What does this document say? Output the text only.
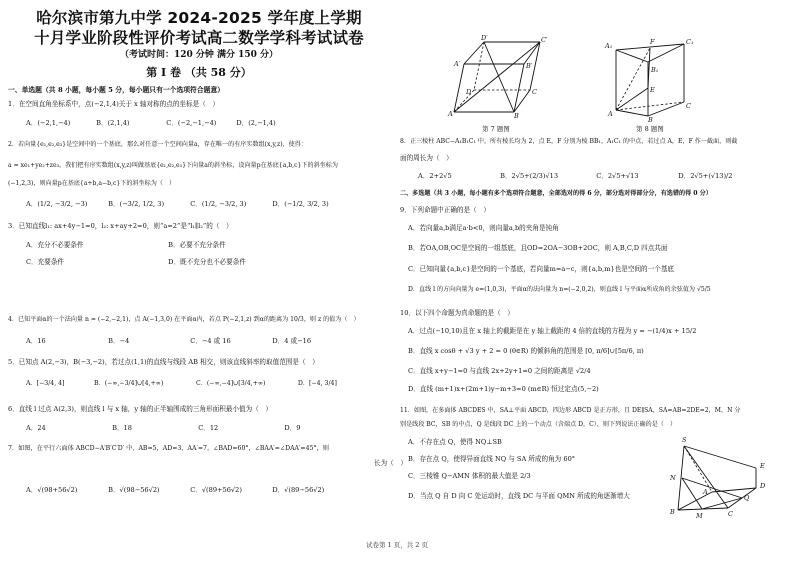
哈尔滨市第九中学 2024-2025 学年度上学期
十月学业阶段性评价考试高二数学学科考试试卷
（考试时间：120 分钟 满分 150 分）
第 I 卷 （共 58 分）
一、单选题（共 8 小题，每小题 5 分，每小题只有一个选项符合题意）
1．在空间直角坐标系中，点(−2,1,4)关于 x 轴对称的点的坐标是（　）
A．(−2,1,−4)	B．(2,1,4)	C．(−2,−1,−4)	D．(2,−1,4)
2．若向量{e₁,e₂,e₃}是空间中的一个基底，那么对任意一个空间向量a，存在唯一的有序实数组(x,y,z)，使得：
a = xe₁+ye₂+ze₃，我们把有序实数组(x,y,z)叫做基底{e₁,e₂,e₃}下向量a的斜坐标，设向量p在基底{a,b,c}下的斜坐标为
(−1,2,3)，则向量p在基底{a+b,a−b,c}下的斜坐标为（　）
A．(1/2, −3/2, −3)	B．(−3/2, 1/2, 3)	C．(1/2, −3/2, 3)	D．(−1/2, 3/2, 3)
3．已知直线l₁: ax+4y−1=0，l₂: x+ay+2=0，则“a=2”是“l₁∥l₂”的（　）
A．充分不必要条件	B．必要不充分条件
C．充要条件	D．既不充分也不必要条件
4．已知平面α的一个法向量 n = (−2,−2,1)，点 A(−1,3,0) 在平面α内，若点 P(−2,1,z) 到α的距离为 10/3，则 z 的值为（　）
A．16	B．−4	C．−4 或 16	D．4 或−16
5．已知点 A(2,−3)，B(−3,−2)，若过点(1,1)的直线与线段 AB 相交，则该直线斜率的取值范围是（　）
A．[−3/4, 4]	B．(−∞,−3/4]∪[4,+∞)	C．(−∞,−4]∪[3/4,+∞)	D．[−4, 3/4]
6．直线 l 过点 A(2,3)，则直线 l 与 x 轴，y 轴的正半轴围成的三角形面积最小值为（　）
A．24	B．18	C．12	D．9
7．如图，在平行六面体 ABCD−A′B′C′D′ 中，AB=5，AD=3，AA′=7，∠BAD=60°，∠BAA′=∠DAA′=45°，则
长为（　）
A．√(98+56√2)	B．√(98−56√2)	C．√(89+56√2)	D．√(89−56√2)
D′	C′
A′	B′
D	C
A	B
第 7 题图
A₁	F	C₁
B₁
E
A
C
B
第 8 题图
8．正三棱柱 ABC−A₁B₁C₁ 中，所有棱长均为 2，点 E，F 分别为棱 BB₁，A₁C₁ 的中点，若过点 A，E，F 作一截面，则截
面的周长为（　）
A．2+2√5	B．2√5+(2/3)√13	C．2√5+√13	D．2√5+(√13)/2
二、多选题（共 3 小题，每小题有多个选项符合题意，全部选对的得 6 分，部分选对得部分分，有选错的得 0 分）
9．下列命题中正确的是（　）
A．若向量a,b满足a·b<0，则向量a,b的夹角是钝角
B．若OA,OB,OC是空间的一组基底，且OD=2OA−3OB+2OC，则 A,B,C,D 四点共面
C．已知向量{a,b,c}是空间的一个基底，若向量m=a−c，则{a,b,m}也是空间的一个基底
D．直线 l 的方向向量为 e=(1,0,3)，平面α的法向量为 n=(−2,0,2)，则直线 l 与平面α所成角的余弦值为 √5/5
10．以下四个命题为真命题的是（　）
A．过点(−10,10)且在 x 轴上的截距是在 y 轴上截距的 4 倍的直线的方程为 y = −(1/4)x + 15/2
B．直线 x cosθ + √3 y + 2 = 0 (θ∈R) 的倾斜角的范围是 [0, π/6]∪[5π/6, π)
C．直线 x+y−1=0 与直线 2x+2y+1=0 之间的距离是 √2/4
D．直线 (m+1)x+(2m+1)y−m+3=0 (m∈R) 恒过定点(5,−2)
11．如图，在多面体 ABCDES 中，SA⊥平面 ABCD，四边形 ABCD 是正方形，且 DE∥SA，SA=AB=2DE=2，M，N 分
别是线段 BC，SB 的中点，Q 是线段 DC 上的一个动点（含端点 D，C），则下列说法正确的是（　）
A．不存在点 Q，使得 NQ⊥SB
B．存在点 Q，使得异面直线 NQ 与 SA 所成的角为 60°
C．三棱锥 Q−AMN 体积的最大值是 2/3
D．当点 Q 自 D 向 C 处运动时，直线 DC 与平面 QMN 所成的角逐渐增大
S
N
E
D
A
Q
B	M	C
试卷第 1 页，共 2 页
